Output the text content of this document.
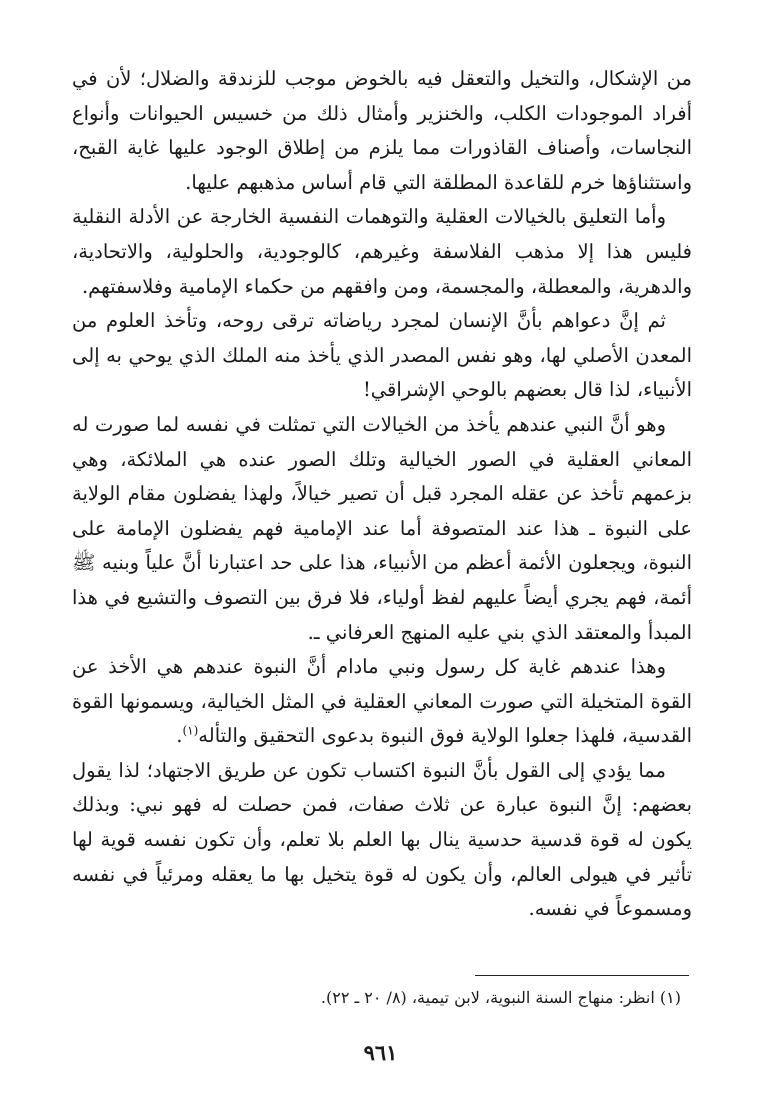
من الإشكال، والتخيل والتعقل فيه بالخوض موجب للزندقة والضلال؛ لأن في أفراد الموجودات الكلب، والخنزير وأمثال ذلك من خسيس الحيوانات وأنواع النجاسات، وأصناف القاذورات مما يلزم من إطلاق الوجود عليها غاية القبح، واستثناؤها خرم للقاعدة المطلقة التي قام أساس مذهبهم عليها.

وأما التعليق بالخيالات العقلية والتوهمات النفسية الخارجة عن الأدلة النقلية فليس هذا إلا مذهب الفلاسفة وغيرهم، كالوجودية، والحلولية، والاتحادية، والدهرية، والمعطلة، والمجسمة، ومن وافقهم من حكماء الإمامية وفلاسفتهم.

ثم إنَّ دعواهم بأنَّ الإنسان لمجرد رياضاته ترقى روحه، وتأخذ العلوم من المعدن الأصلي لها، وهو نفس المصدر الذي يأخذ منه الملك الذي يوحي به إلى الأنبياء، لذا قال بعضهم بالوحي الإشراقي!

وهو أنَّ النبي عندهم يأخذ من الخيالات التي تمثلت في نفسه لما صورت له المعاني العقلية في الصور الخيالية وتلك الصور عنده هي الملائكة، وهي بزعمهم تأخذ عن عقله المجرد قبل أن تصير خيالاً، ولهذا يفضلون مقام الولاية على النبوة ـ هذا عند المتصوفة أما عند الإمامية فهم يفضلون الإمامة على النبوة، ويجعلون الأئمة أعظم من الأنبياء، هذا على حد اعتبارنا أنَّ علياً وبنيه ﷺ أئمة، فهم يجري أيضاً عليهم لفظ أولياء، فلا فرق بين التصوف والتشيع في هذا المبدأ والمعتقد الذي بني عليه المنهج العرفاني ـ.

وهذا عندهم غاية كل رسول ونبي مادام أنَّ النبوة عندهم هي الأخذ عن القوة المتخيلة التي صورت المعاني العقلية في المثل الخيالية، ويسمونها القوة القدسية، فلهذا جعلوا الولاية فوق النبوة بدعوى التحقيق والتأله$^{(١)}$.

مما يؤدي إلى القول بأنَّ النبوة اكتساب تكون عن طريق الاجتهاد؛ لذا يقول بعضهم: إنَّ النبوة عبارة عن ثلاث صفات، فمن حصلت له فهو نبي: وبذلك يكون له قوة قدسية حدسية ينال بها العلم بلا تعلم، وأن تكون نفسه قوية لها تأثير في هيولى العالم، وأن يكون له قوة يتخيل بها ما يعقله ومرئياً في نفسه ومسموعاً في نفسه.

(١) انظر: منهاج السنة النبوية، لابن تيمية، (٨/ ٢٠ ـ ٢٢).
٩٦١
